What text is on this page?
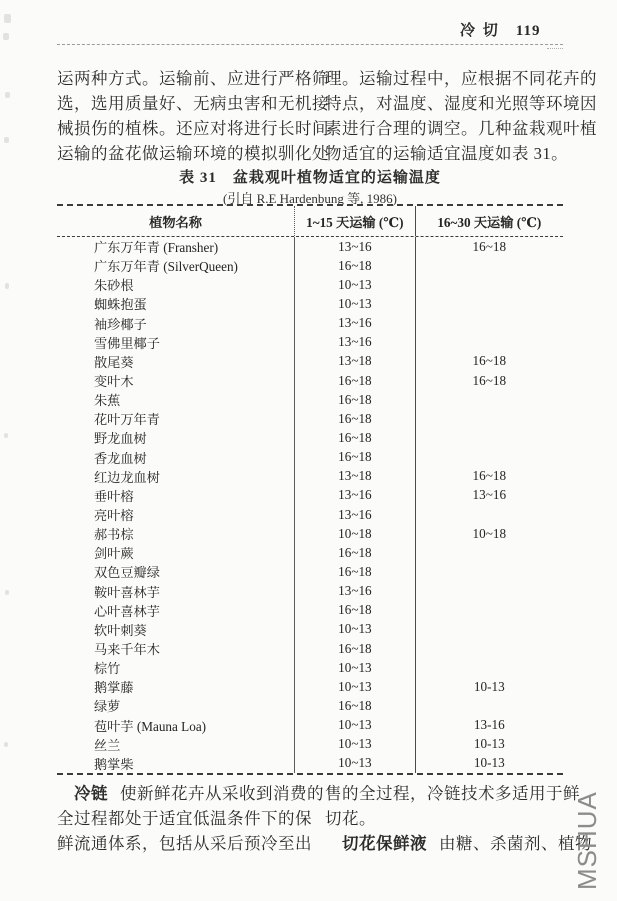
冷 切 119
运两种方式。运输前、应进行严格筛
选，选用质量好、无病虫害和无机接
械损伤的植株。还应对将进行长时间
运输的盆花做运输环境的模拟驯化处
理。运输过程中，应根据不同花卉的
特点，对温度、湿度和光照等环境因
素进行合理的调空。几种盆栽观叶植
物适宜的运输适宜温度如表 31。
表 31　盆栽观叶植物适宜的运输温度
(引自 R.E Hardenbung 等, 1986)
植物名称	1~15 天运输 (℃)	16~30 天运输 (℃)
广东万年青 (Fransher)	13~16	16~18
广东万年青 (SilverQueen)	16~18
朱砂根	10~13
蜘蛛抱蛋	10~13
袖珍椰子	13~16
雪佛里椰子	13~16
散尾葵	13~18	16~18
变叶木	16~18	16~18
朱蕉	16~18
花叶万年青	16~18
野龙血树	16~18
香龙血树	16~18
红边龙血树	13~18	16~18
垂叶榕	13~16	13~16
亮叶榕	13~16
郝书棕	10~18	10~18
剑叶蕨	16~18
双色豆瓣绿	16~18
鞍叶喜林芋	13~16
心叶喜林芋	16~18
软叶刺葵	10~13
马来千年木	16~18
棕竹	10~13
鹅掌藤	10~13	10-13
绿萝	16~18
苞叶芋 (Mauna Loa)	10~13	13-16
丝兰	10~13	10-13
鹅掌柴	10~13	10-13
冷链 使新鲜花卉从采收到消费的
全过程都处于适宜低温条件下的保
鲜流通体系，包括从采后预冷至出
售的全过程，冷链技术多适用于鲜
切花。
切花保鲜液 由糖、杀菌剂、植物
MSHUA
